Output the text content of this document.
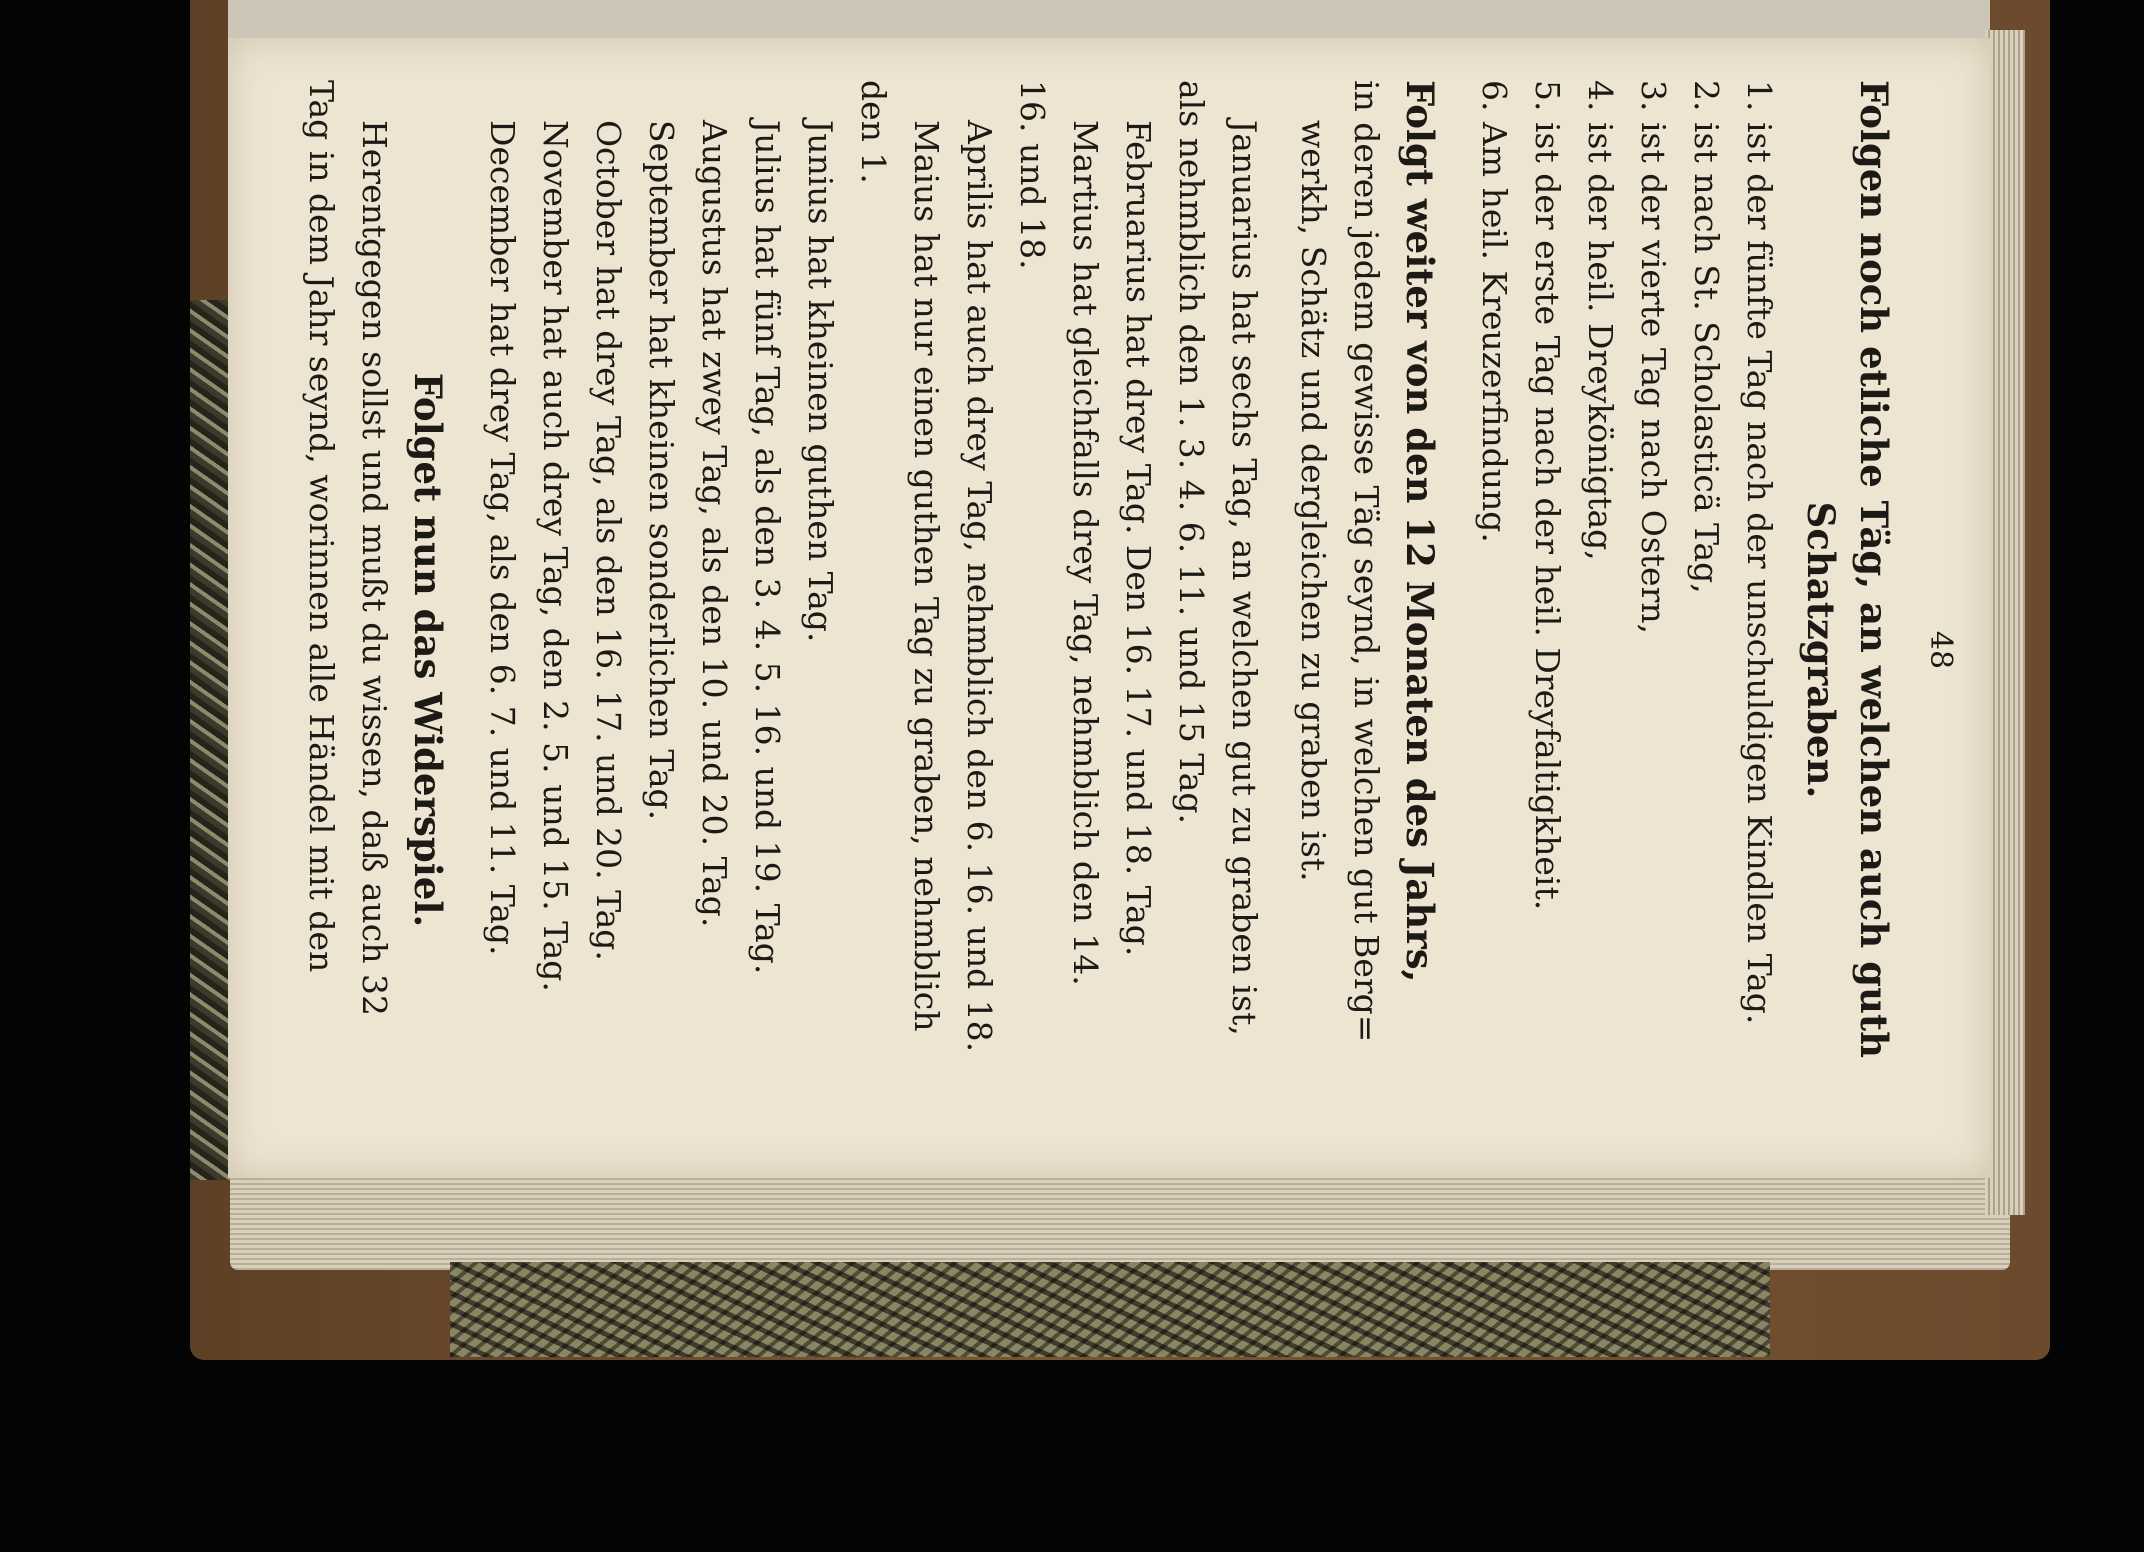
48
Folgen noch etliche Täg, an welchen auch guth
Schatzgraben.
1. ist der fünfte Tag nach der unschuldigen Kindlen Tag.
2. ist nach St. Scholasticä Tag,
3. ist der vierte Tag nach Ostern,
4. ist der heil. Dreykönigtag,
5. ist der erste Tag nach der heil. Dreyfaltigkheit.
6. Am heil. Kreuzerfindung.
Folgt weiter von den 12 Monaten des Jahrs,

in deren jedem gewisse Täg seynd, in welchen gut Berg=

werkh, Schätz und dergleichen zu graben ist.

Januarius hat sechs Tag, an welchen gut zu graben ist,

als nehmblich den 1. 3. 4. 6. 11. und 15 Tag.

Februarius hat drey Tag. Den 16. 17. und 18. Tag.

Martius hat gleichfalls drey Tag, nehmblich den 14.

16. und 18.

Aprilis hat auch drey Tag, nehmblich den 6. 16. und 18.

Maius hat nur einen guthen Tag zu graben, nehmblich

den 1.

Junius hat kheinen guthen Tag.

Julius hat fünf Tag, als den 3. 4. 5. 16. und 19. Tag.

Augustus hat zwey Tag, als den 10. und 20. Tag.

September hat kheinen sonderlichen Tag.

October hat drey Tag, als den 16. 17. und 20. Tag.

November hat auch drey Tag, den 2. 5. und 15. Tag.

December hat drey Tag, als den 6. 7. und 11. Tag.

Folget nun das Widerspiel.

Herentgegen sollst und mußt du wissen, daß auch 32

Tag in dem Jahr seynd, worinnen alle Händel mit den
